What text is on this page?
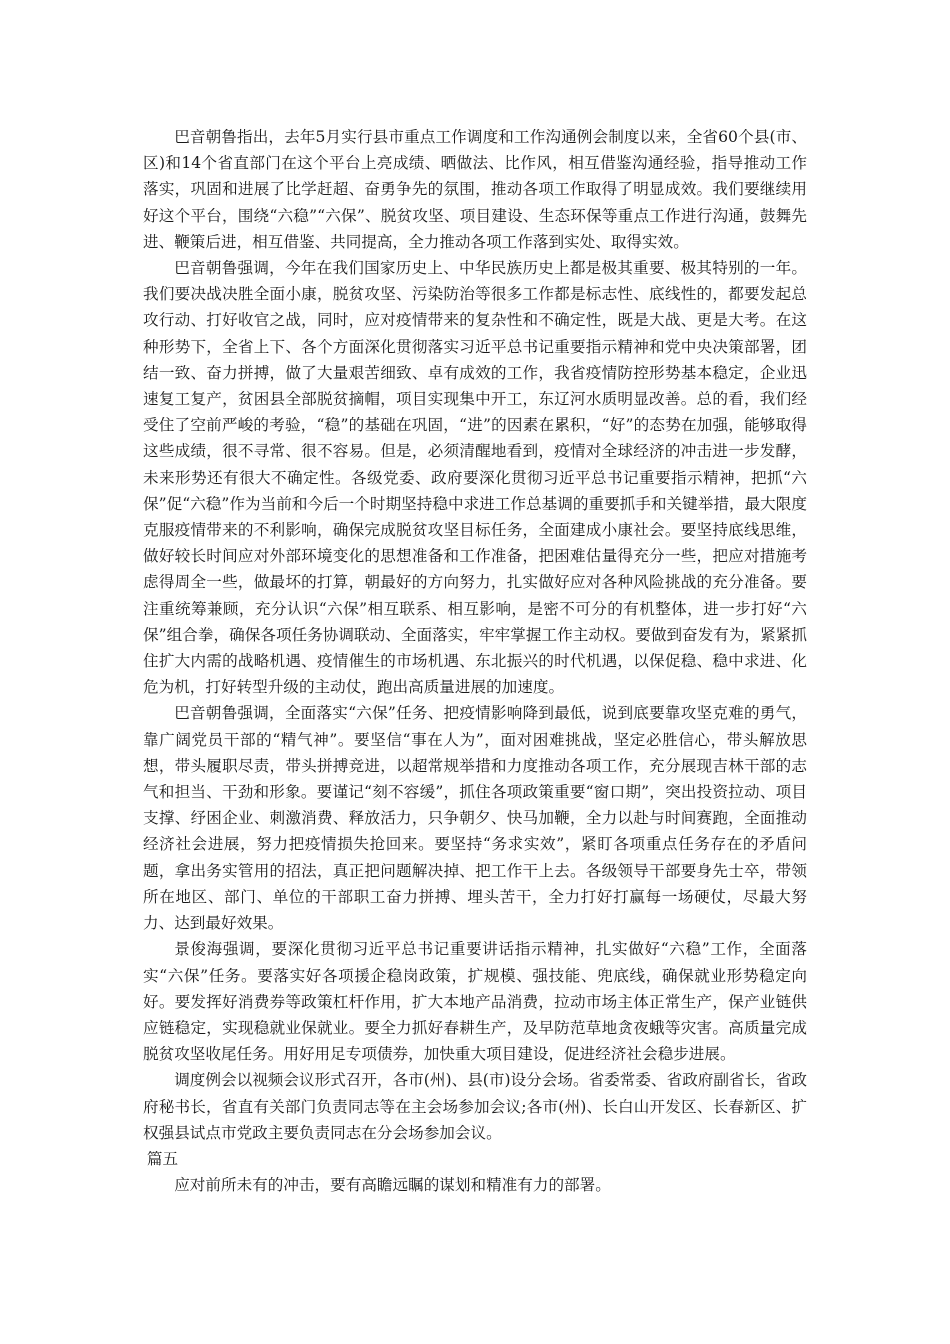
巴音朝鲁指出，去年5月实行县市重点工作调度和工作沟通例会制度以来，全省60个县(市、区)和14个省直部门在这个平台上亮成绩、晒做法、比作风，相互借鉴沟通经验，指导推动工作落实，巩固和进展了比学赶超、奋勇争先的氛围，推动各项工作取得了明显成效。我们要继续用好这个平台，围绕“六稳”“六保”、脱贫攻坚、项目建设、生态环保等重点工作进行沟通，鼓舞先进、鞭策后进，相互借鉴、共同提高，全力推动各项工作落到实处、取得实效。

巴音朝鲁强调，今年在我们国家历史上、中华民族历史上都是极其重要、极其特别的一年。我们要决战决胜全面小康，脱贫攻坚、污染防治等很多工作都是标志性、底线性的，都要发起总攻行动、打好收官之战，同时，应对疫情带来的复杂性和不确定性，既是大战、更是大考。在这种形势下，全省上下、各个方面深化贯彻落实习近平总书记重要指示精神和党中央决策部署，团结一致、奋力拼搏，做了大量艰苦细致、卓有成效的工作，我省疫情防控形势基本稳定，企业迅速复工复产，贫困县全部脱贫摘帽，项目实现集中开工，东辽河水质明显改善。总的看，我们经受住了空前严峻的考验，“稳”的基础在巩固，“进”的因素在累积，“好”的态势在加强，能够取得这些成绩，很不寻常、很不容易。但是，必须清醒地看到，疫情对全球经济的冲击进一步发酵，未来形势还有很大不确定性。各级党委、政府要深化贯彻习近平总书记重要指示精神，把抓“六保”促“六稳”作为当前和今后一个时期坚持稳中求进工作总基调的重要抓手和关键举措，最大限度克服疫情带来的不利影响，确保完成脱贫攻坚目标任务，全面建成小康社会。要坚持底线思维，做好较长时间应对外部环境变化的思想准备和工作准备，把困难估量得充分一些，把应对措施考虑得周全一些，做最坏的打算，朝最好的方向努力，扎实做好应对各种风险挑战的充分准备。要注重统筹兼顾，充分认识“六保”相互联系、相互影响，是密不可分的有机整体，进一步打好“六保”组合拳，确保各项任务协调联动、全面落实，牢牢掌握工作主动权。要做到奋发有为，紧紧抓住扩大内需的战略机遇、疫情催生的市场机遇、东北振兴的时代机遇，以保促稳、稳中求进、化危为机，打好转型升级的主动仗，跑出高质量进展的加速度。

巴音朝鲁强调，全面落实“六保”任务、把疫情影响降到最低，说到底要靠攻坚克难的勇气，靠广阔党员干部的“精气神”。要坚信“事在人为”，面对困难挑战，坚定必胜信心，带头解放思想，带头履职尽责，带头拼搏竞进，以超常规举措和力度推动各项工作，充分展现吉林干部的志气和担当、干劲和形象。要谨记“刻不容缓”，抓住各项政策重要“窗口期”，突出投资拉动、项目支撑、纾困企业、刺激消费、释放活力，只争朝夕、快马加鞭，全力以赴与时间赛跑，全面推动经济社会进展，努力把疫情损失抢回来。要坚持“务求实效”，紧盯各项重点任务存在的矛盾问题，拿出务实管用的招法，真正把问题解决掉、把工作干上去。各级领导干部要身先士卒，带领所在地区、部门、单位的干部职工奋力拼搏、埋头苦干，全力打好打赢每一场硬仗，尽最大努力、达到最好效果。

景俊海强调，要深化贯彻习近平总书记重要讲话指示精神，扎实做好“六稳”工作，全面落实“六保”任务。要落实好各项援企稳岗政策，扩规模、强技能、兜底线，确保就业形势稳定向好。要发挥好消费券等政策杠杆作用，扩大本地产品消费，拉动市场主体正常生产，保产业链供应链稳定，实现稳就业保就业。要全力抓好春耕生产，及早防范草地贪夜蛾等灾害。高质量完成脱贫攻坚收尾任务。用好用足专项债券，加快重大项目建设，促进经济社会稳步进展。

调度例会以视频会议形式召开，各市(州)、县(市)设分会场。省委常委、省政府副省长，省政府秘书长，省直有关部门负责同志等在主会场参加会议;各市(州)、长白山开发区、长春新区、扩权强县试点市党政主要负责同志在分会场参加会议。

篇五

应对前所未有的冲击，要有高瞻远瞩的谋划和精准有力的部署。
